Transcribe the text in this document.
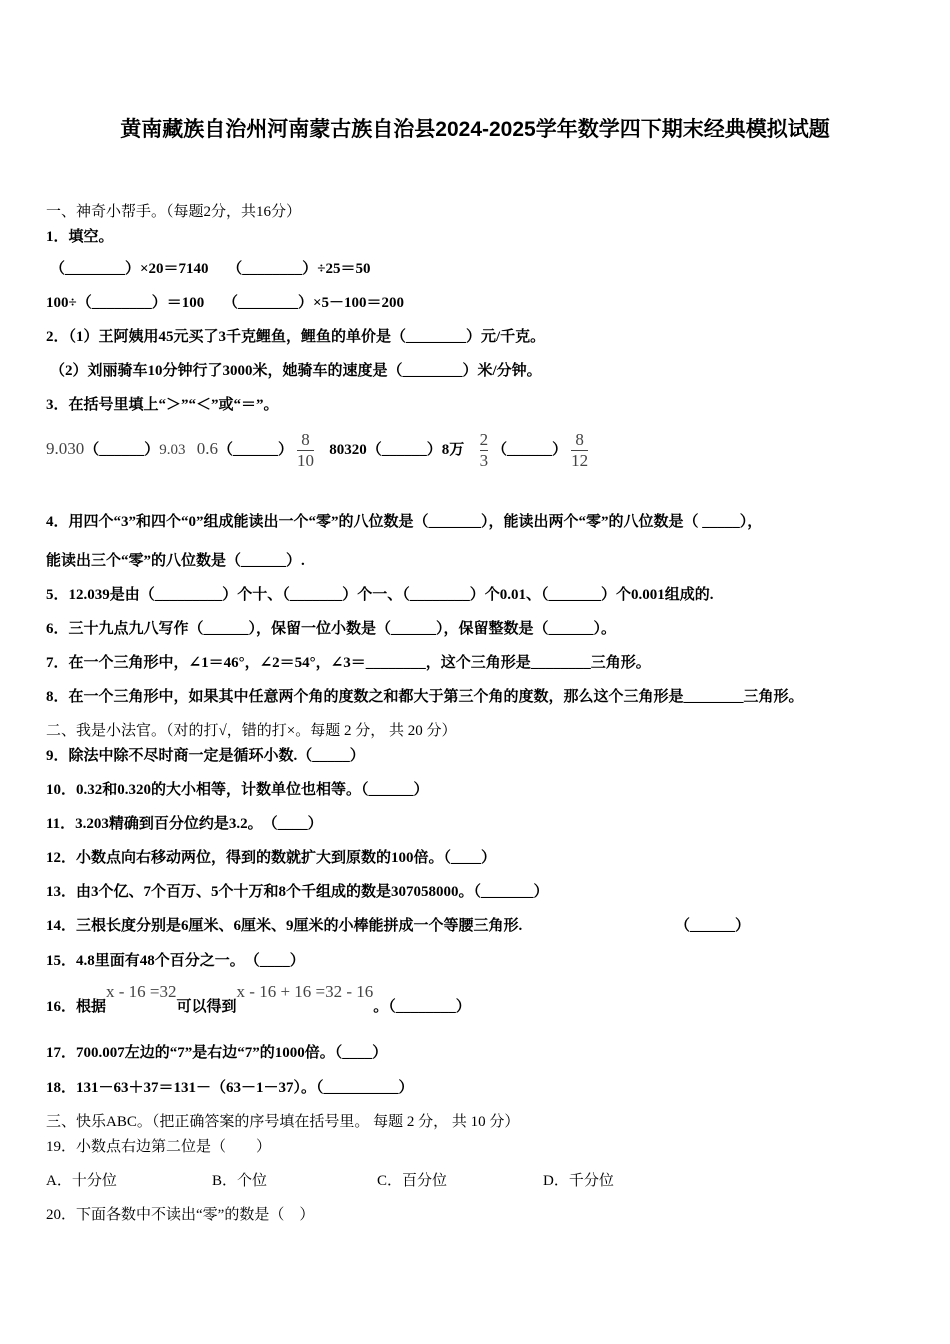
黄南藏族自治州河南蒙古族自治县2024-2025学年数学四下期末经典模拟试题
一、神奇小帮手。（每题2分，共16分）
1．填空。
（________）×20＝7140　 （________）÷25＝50
100÷（________）＝100　 （________）×5－100＝200
2．（1）王阿姨用45元买了3千克鲤鱼，鲤鱼的单价是（________）元/千克。
（2）刘丽骑车10分钟行了3000米，她骑车的速度是（________）米/分钟。
3．在括号里填上“＞”“＜”或“＝”。
9.030（______）9.03 0.6（______） $\frac{8}{10}$ 80320（______）8万 $\frac{2}{3}$ （______） $\frac{8}{12}$
4．用四个“3”和四个“0”组成能读出一个“零”的八位数是（_______），能读出两个“零”的八位数是（ _____），
能读出三个“零”的八位数是（______）.
5．12.039是由（_________）个十、（_______）个一、（________）个0.01、（_______）个0.001组成的.
6．三十九点九八写作（______），保留一位小数是（______），保留整数是（______）。
7．在一个三角形中，∠1＝46°，∠2＝54°，∠3＝________，这个三角形是________三角形。
8．在一个三角形中，如果其中任意两个角的度数之和都大于第三个角的度数，那么这个三角形是________三角形。
二、我是小法官。（对的打√，错的打×。每题 2 分， 共 20 分）
9．除法中除不尽时商一定是循环小数.（_____）
10．0.32和0.320的大小相等，计数单位也相等。（______）
11．3.203精确到百分位约是3.2。　（____）
12．小数点向右移动两位，得到的数就扩大到原数的100倍。（____）
13．由3个亿、7个百万、5个十万和8个千组成的数是307058000。（_______）
14．三根长度分别是6厘米、6厘米、9厘米的小棒能拼成一个等腰三角形.	（______）
15．4.8里面有48个百分之一。　（____）
16．根据x - 16 =32可以得到x - 16 + 16 =32 - 16。（________）
17．700.007左边的“7”是右边“7”的1000倍。（____）
18．131－63＋37＝131－（63－1－37）。（__________）
三、快乐ABC。（把正确答案的序号填在括号里。 每题 2 分， 共 10 分）
19．小数点右边第二位是（　　）
A．十分位	B．个位	C．百分位	D．千分位
20．下面各数中不读出“零”的数是（　）
